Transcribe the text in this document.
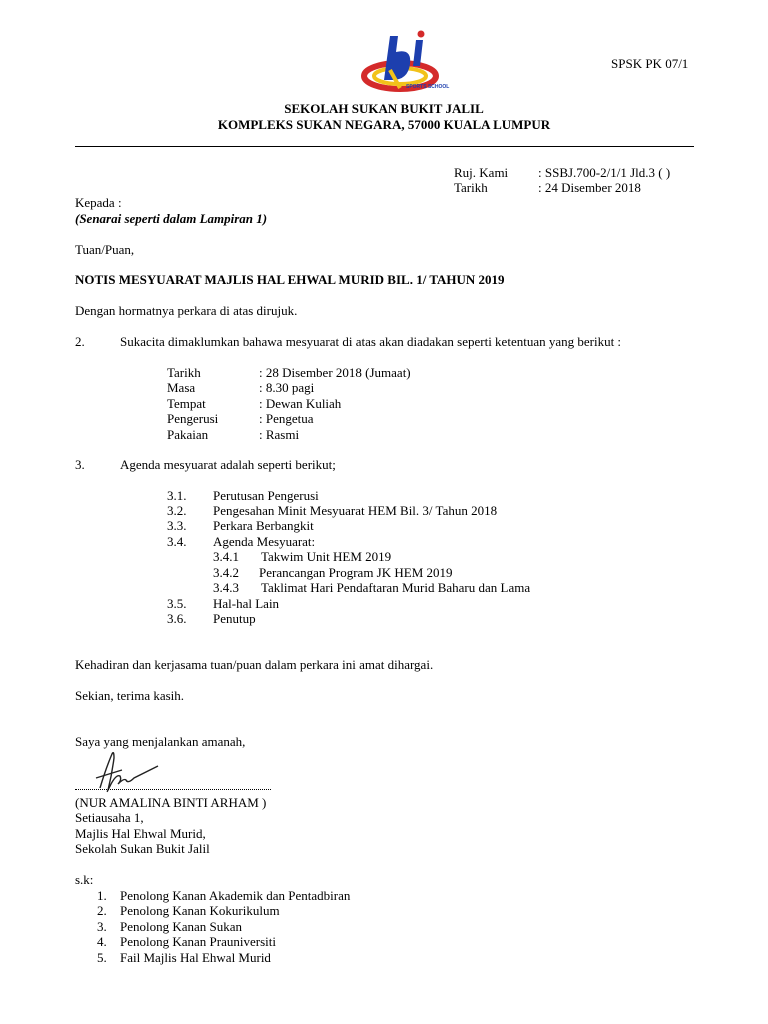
SPORTS SCHOOL
SPSK PK 07/1
SEKOLAH SUKAN BUKIT JALIL
KOMPLEKS SUKAN NEGARA, 57000 KUALA LUMPUR
Ruj. Kami : SSBJ.700-2/1/1 Jld.3 ( )
Tarikh	: 24 Disember 2018
Kepada :
(Senarai seperti dalam Lampiran 1)
Tuan/Puan,
NOTIS MESYUARAT MAJLIS HAL EHWAL MURID BIL. 1/ TAHUN 2019
Dengan hormatnya perkara di atas dirujuk.
2.	Sukacita dimaklumkan bahawa mesyuarat di atas akan diadakan seperti ketentuan yang berikut :
Tarikh	: 28 Disember 2018 (Jumaat)
Masa	: 8.30 pagi
Tempat	: Dewan Kuliah
Pengerusi	: Pengetua
Pakaian	: Rasmi
3.	Agenda mesyuarat adalah seperti berikut;
3.1. Perutusan Pengerusi
3.2. Pengesahan Minit Mesyuarat HEM Bil. 3/ Tahun 2018
3.3. Perkara Berbangkit
3.4. Agenda Mesyuarat:
3.4.1 Takwim Unit HEM 2019
3.4.2 Perancangan Program JK HEM 2019
3.4.3 Taklimat Hari Pendaftaran Murid Baharu dan Lama
3.5. Hal-hal Lain
3.6. Penutup
Kehadiran dan kerjasama tuan/puan dalam perkara ini amat dihargai.
Sekian, terima kasih.
Saya yang menjalankan amanah,
(NUR AMALINA BINTI ARHAM )
Setiausaha 1,
Majlis Hal Ehwal Murid,
Sekolah Sukan Bukit Jalil
s.k:
1. Penolong Kanan Akademik dan Pentadbiran
2. Penolong Kanan Kokurikulum
3. Penolong Kanan Sukan
4. Penolong Kanan Prauniversiti
5. Fail Majlis Hal Ehwal Murid
